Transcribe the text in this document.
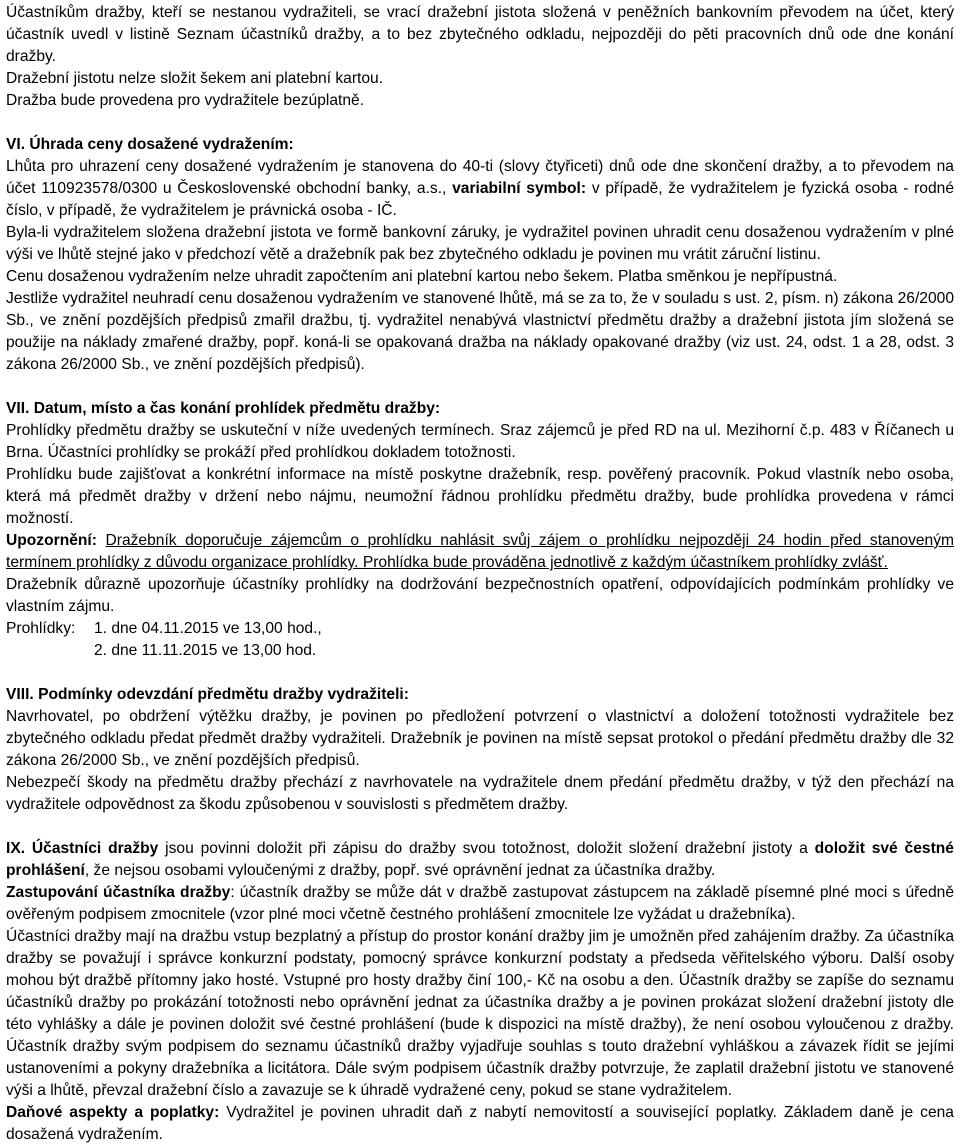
Účastníkům dražby, kteří se nestanou vydražiteli, se vrací dražební jistota složená v peněžních bankovním převodem na účet, který účastník uvedl v listině Seznam účastníků dražby, a to bez zbytečného odkladu, nejpozději do pěti pracovních dnů ode dne konání dražby.

Dražební jistotu nelze složit šekem ani platební kartou.

Dražba bude provedena pro vydražitele bezúplatně.

VI. Úhrada ceny dosažené vydražením:
Lhůta pro uhrazení ceny dosažené vydražením je stanovena do 40-ti (slovy čtyřiceti) dnů ode dne skončení dražby, a to převodem na účet 110923578/0300 u Československé obchodní banky, a.s., variabilní symbol: v případě, že vydražitelem je fyzická osoba - rodné číslo, v případě, že vydražitelem je právnická osoba - IČ.

Byla-li vydražitelem složena dražební jistota ve formě bankovní záruky, je vydražitel povinen uhradit cenu dosaženou vydražením v plné výši ve lhůtě stejné jako v předchozí větě a dražebník pak bez zbytečného odkladu je povinen mu vrátit záruční listinu.

Cenu dosaženou vydražením nelze uhradit započtením ani platební kartou nebo šekem. Platba směnkou je nepřípustná.

Jestliže vydražitel neuhradí cenu dosaženou vydražením ve stanovené lhůtě, má se za to, že v souladu s ust. 2, písm. n) zákona 26/2000 Sb., ve znění pozdějších předpisů zmařil dražbu, tj. vydražitel nenabývá vlastnictví předmětu dražby a dražební jistota jím složená se použije na náklady zmařené dražby, popř. koná-li se opakovaná dražba na náklady opakované dražby (viz ust. 24, odst. 1 a 28, odst. 3 zákona 26/2000 Sb., ve znění pozdějších předpisů).

VII. Datum, místo a čas konání prohlídek předmětu dražby:

Prohlídky předmětu dražby se uskuteční v níže uvedených termínech. Sraz zájemců je před RD na ul. Mezihorní č.p. 483 v Říčanech u Brna. Účastníci prohlídky se prokáží před prohlídkou dokladem totožnosti.

Prohlídku bude zajišťovat a konkrétní informace na místě poskytne dražebník, resp. pověřený pracovník. Pokud vlastník nebo osoba, která má předmět dražby v držení nebo nájmu, neumožní řádnou prohlídku předmětu dražby, bude prohlídka provedena v rámci možností.

Upozornění: Dražebník doporučuje zájemcům o prohlídku nahlásit svůj zájem o prohlídku nejpozději 24 hodin před stanoveným termínem prohlídky z důvodu organizace prohlídky. Prohlídka bude prováděna jednotlivě z každým účastníkem prohlídky zvlášť.

Dražebník důrazně upozorňuje účastníky prohlídky na dodržování bezpečnostních opatření, odpovídajících podmínkám prohlídky ve vlastním zájmu.

Prohlídky: 1. dne 04.11.2015 ve 13,00 hod.,
2. dne 11.11.2015 ve 13,00 hod.

VIII. Podmínky odevzdání předmětu dražby vydražiteli:

Navrhovatel, po obdržení výtěžku dražby, je povinen po předložení potvrzení o vlastnictví a doložení totožnosti vydražitele bez zbytečného odkladu předat předmět dražby vydražiteli. Dražebník je povinen na místě sepsat protokol o předání předmětu dražby dle 32 zákona 26/2000 Sb., ve znění pozdějších předpisů.

Nebezpečí škody na předmětu dražby přechází z navrhovatele na vydražitele dnem předání předmětu dražby, v týž den přechází na vydražitele odpovědnost za škodu způsobenou v souvislosti s předmětem dražby.

IX. Účastníci dražby jsou povinni doložit při zápisu do dražby svou totožnost, doložit složení dražební jistoty a doložit své čestné prohlášení, že nejsou osobami vyloučenými z dražby, popř. své oprávnění jednat za účastníka dražby.

Zastupování účastníka dražby: účastník dražby se může dát v dražbě zastupovat zástupcem na základě písemné plné moci s úředně ověřeným podpisem zmocnitele (vzor plné moci včetně čestného prohlášení zmocnitele lze vyžádat u dražebníka).

Účastníci dražby mají na dražbu vstup bezplatný a přístup do prostor konání dražby jim je umožněn před zahájením dražby. Za účastníka dražby se považují i správce konkurzní podstaty, pomocný správce konkurzní podstaty a předseda věřitelského výboru. Další osoby mohou být dražbě přítomny jako hosté. Vstupné pro hosty dražby činí 100,- Kč na osobu a den. Účastník dražby se zapíše do seznamu účastníků dražby po prokázání totožnosti nebo oprávnění jednat za účastníka dražby a je povinen prokázat složení dražební jistoty dle této vyhlášky a dále je povinen doložit své čestné prohlášení (bude k dispozici na místě dražby), že není osobou vyloučenou z dražby. Účastník dražby svým podpisem do seznamu účastníků dražby vyjadřuje souhlas s touto dražební vyhláškou a závazek řídit se jejími ustanoveními a pokyny dražebníka a licitátora. Dále svým podpisem účastník dražby potvrzuje, že zaplatil dražební jistotu ve stanovené výši a lhůtě, převzal dražební číslo a zavazuje se k úhradě vydražené ceny, pokud se stane vydražitelem.

Daňové aspekty a poplatky: Vydražitel je povinen uhradit daň z nabytí nemovitostí a související poplatky. Základem daně je cena dosažená vydražením.
